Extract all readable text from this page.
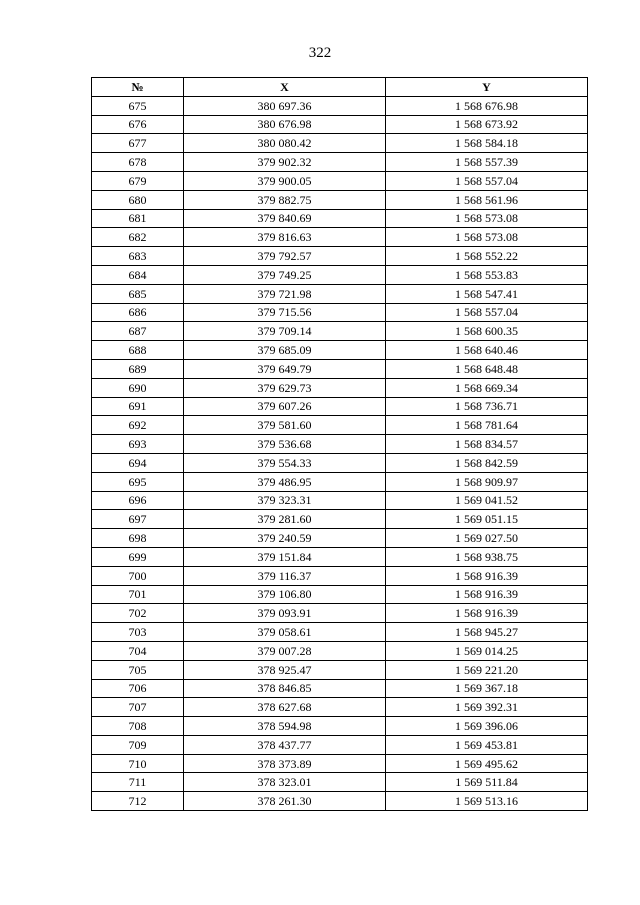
322
№	X	Y
675	380 697.36	1 568 676.98
676	380 676.98	1 568 673.92
677	380 080.42	1 568 584.18
678	379 902.32	1 568 557.39
679	379 900.05	1 568 557.04
680	379 882.75	1 568 561.96
681	379 840.69	1 568 573.08
682	379 816.63	1 568 573.08
683	379 792.57	1 568 552.22
684	379 749.25	1 568 553.83
685	379 721.98	1 568 547.41
686	379 715.56	1 568 557.04
687	379 709.14	1 568 600.35
688	379 685.09	1 568 640.46
689	379 649.79	1 568 648.48
690	379 629.73	1 568 669.34
691	379 607.26	1 568 736.71
692	379 581.60	1 568 781.64
693	379 536.68	1 568 834.57
694	379 554.33	1 568 842.59
695	379 486.95	1 568 909.97
696	379 323.31	1 569 041.52
697	379 281.60	1 569 051.15
698	379 240.59	1 569 027.50
699	379 151.84	1 568 938.75
700	379 116.37	1 568 916.39
701	379 106.80	1 568 916.39
702	379 093.91	1 568 916.39
703	379 058.61	1 568 945.27
704	379 007.28	1 569 014.25
705	378 925.47	1 569 221.20
706	378 846.85	1 569 367.18
707	378 627.68	1 569 392.31
708	378 594.98	1 569 396.06
709	378 437.77	1 569 453.81
710	378 373.89	1 569 495.62
711	378 323.01	1 569 511.84
712	378 261.30	1 569 513.16
